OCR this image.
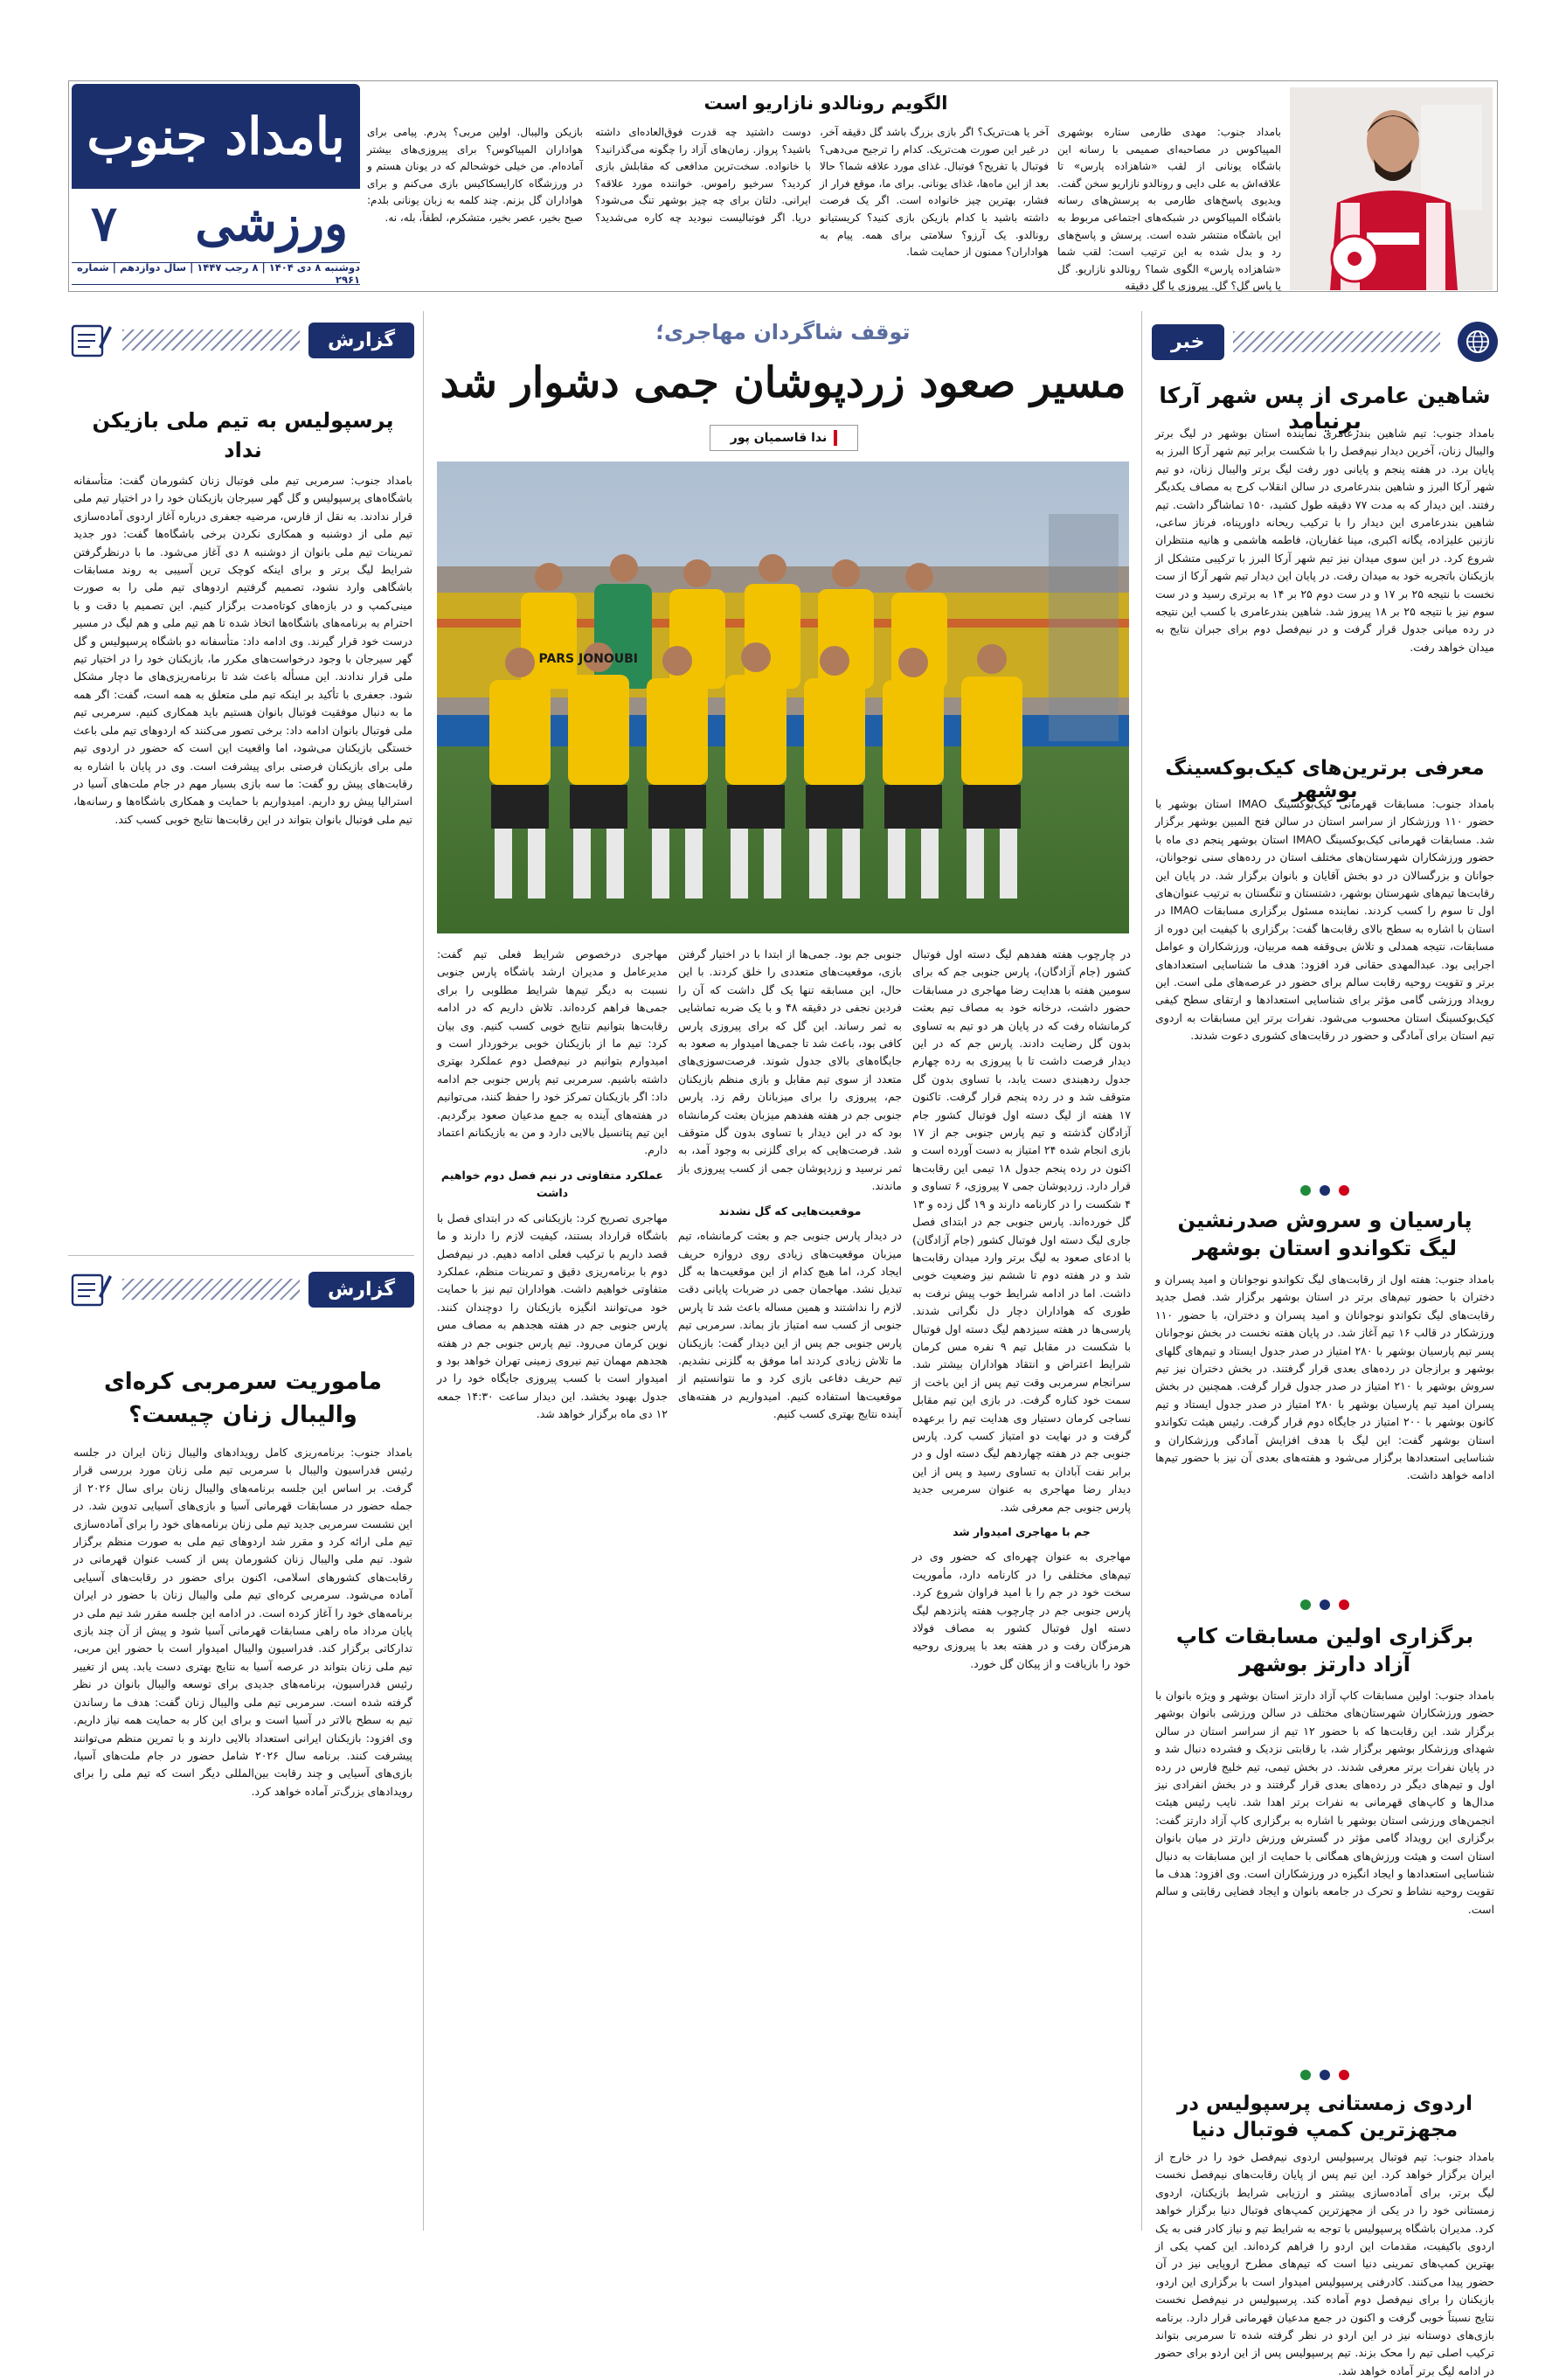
بامداد جنوب
ورزشی
۷
دوشنبه ۸ دی ۱۴۰۴ | ۸ رجب ۱۴۴۷ | سال دوازدهم | شماره ۲۹۶۱
الگویم رونالدو نازاریو است
بامداد جنوب: مهدی طارمی ستاره بوشهری المپیاکوس در مصاحبه‌ای صمیمی با رسانه این باشگاه یونانی از لقب «شاهزاده پارس» تا علاقه‌اش به علی دایی و رونالدو نازاریو سخن گفت. ویدیوی پاسخ‌های طارمی به پرسش‌های رسانه باشگاه المپیاکوس در شبکه‌های اجتماعی مربوط به این باشگاه منتشر شده است. پرسش و پاسخ‌های رد و بدل شده به این ترتیب است: لقب شما «شاهزاده پارس» الگوی شما؟ رونالدو نازاریو. گل یا پاس گل؟ گل. پیروزی یا گل دقیقه
آخر یا هت‌تریک؟ اگر بازی بزرگ باشد گل دقیقه آخر، در غیر این صورت هت‌تریک. کدام را ترجیح می‌دهی؟ فوتبال یا تفریح؟ فوتبال. غذای مورد علاقه شما؟ حالا بعد از این ماه‌ها، غذای یونانی. برای ما، موقع فرار از فشار، بهترین چیز خانواده است. اگر یک فرصت داشته باشید با کدام بازیکن بازی کنید؟ کریستیانو رونالدو. یک آرزو؟ سلامتی برای همه. پیام به هواداران؟ ممنون از حمایت شما.
دوست داشتید چه قدرت فوق‌العاده‌ای داشته باشید؟ پرواز. زمان‌های آزاد را چگونه می‌گذرانید؟ با خانواده. سخت‌ترین مدافعی که مقابلش بازی کردید؟ سرخیو راموس. خواننده مورد علاقه؟ ایرانی. دلتان برای چه چیز بوشهر تنگ می‌شود؟ دریا. اگر فوتبالیست نبودید چه کاره می‌شدید؟ بازیکن والیبال. اولین مربی؟ پدرم. پیامی برای هواداران المپیاکوس؟ برای پیروزی‌های بیشتر آماده‌ام. من خیلی خوشحالم که در یونان هستم و در ورزشگاه کارایسکاکیس بازی می‌کنم و برای هواداران گل بزنم. چند کلمه به زبان یونانی بلدم: صبح بخیر، عصر بخیر، متشکرم، لطفاً، بله، نه.
خبر
شاهین عامری از پس شهر آرکا برنیامد
بامداد جنوب: تیم شاهین بندرعامری نماینده استان بوشهر در لیگ برتر والیبال زنان، آخرین دیدار نیم‌فصل را با شکست برابر تیم شهر آرکا البرز به پایان برد. در هفته پنجم و پایانی دور رفت لیگ برتر والیبال زنان، دو تیم شهر آرکا البرز و شاهین بندرعامری در سالن انقلاب کرج به مصاف یکدیگر رفتند. این دیدار که به مدت ۷۷ دقیقه طول کشید، ۱۵۰ تماشاگر داشت. تیم شاهین بندرعامری این دیدار را با ترکیب ریحانه داورپناه، فرناز ساعی، نازنین علیزاده، یگانه اکبری، مینا غفاریان، فاطمه هاشمی و هانیه منتظران شروع کرد. در این سوی میدان نیز تیم شهر آرکا البرز با ترکیبی متشکل از بازیکنان باتجربه خود به میدان رفت. در پایان این دیدار تیم شهر آرکا از ست نخست با نتیجه ۲۵ بر ۱۷ و در ست دوم ۲۵ بر ۱۴ به برتری رسید و در ست سوم نیز با نتیجه ۲۵ بر ۱۸ پیروز شد. شاهین بندرعامری با کسب این نتیجه در رده میانی جدول قرار گرفت و در نیم‌فصل دوم برای جبران نتایج به میدان خواهد رفت.
معرفی برترین‌های کیک‌بوکسینگ بوشهر
بامداد جنوب: مسابقات قهرمانی کیک‌بوکسینگ IMAO استان بوشهر با حضور ۱۱۰ ورزشکار از سراسر استان در سالن فتح المبین بوشهر برگزار شد. مسابقات قهرمانی کیک‌بوکسینگ IMAO استان بوشهر پنجم دی ماه با حضور ورزشکاران شهرستان‌های مختلف استان در رده‌های سنی نوجوانان، جوانان و بزرگسالان در دو بخش آقایان و بانوان برگزار شد. در پایان این رقابت‌ها تیم‌های شهرستان بوشهر، دشتستان و تنگستان به ترتیب عنوان‌های اول تا سوم را کسب کردند. نماینده مسئول برگزاری مسابقات IMAO در استان با اشاره به سطح بالای رقابت‌ها گفت: برگزاری با کیفیت این دوره از مسابقات، نتیجه همدلی و تلاش بی‌وقفه همه مربیان، ورزشکاران و عوامل اجرایی بود. عبدالمهدی حقانی فرد افزود: هدف ما شناسایی استعدادهای برتر و تقویت روحیه رقابت سالم برای حضور در عرصه‌های ملی است. این رویداد ورزشی گامی مؤثر برای شناسایی استعدادها و ارتقای سطح کیفی کیک‌بوکسینگ استان محسوب می‌شود. نفرات برتر این مسابقات به اردوی تیم استان برای آمادگی و حضور در رقابت‌های کشوری دعوت شدند.
پارسیان و سروش صدرنشین لیگ تکواندو استان بوشهر
بامداد جنوب: هفته اول از رقابت‌های لیگ تکواندو نوجوانان و امید پسران و دختران با حضور تیم‌های برتر در استان بوشهر برگزار شد. فصل جدید رقابت‌های لیگ تکواندو نوجوانان و امید پسران و دختران، با حضور ۱۱۰ ورزشکار در قالب ۱۶ تیم آغاز شد. در پایان هفته نخست در بخش نوجوانان پسر تیم پارسیان بوشهر با ۲۸۰ امتیاز در صدر جدول ایستاد و تیم‌های گلهای بوشهر و برازجان در رده‌های بعدی قرار گرفتند. در بخش دختران نیز تیم سروش بوشهر با ۲۱۰ امتیاز در صدر جدول قرار گرفت. همچنین در بخش پسران امید تیم پارسیان بوشهر با ۲۸۰ امتیاز در صدر جدول ایستاد و تیم کانون بوشهر با ۲۰۰ امتیاز در جایگاه دوم قرار گرفت. رئیس هیئت تکواندو استان بوشهر گفت: این لیگ با هدف افزایش آمادگی ورزشکاران و شناسایی استعدادها برگزار می‌شود و هفته‌های بعدی آن نیز با حضور تیم‌ها ادامه خواهد داشت.
برگزاری اولین مسابقات کاپ آزاد دارتز بوشهر
بامداد جنوب: اولین مسابقات کاپ آزاد دارتز استان بوشهر و ویژه بانوان با حضور ورزشکاران شهرستان‌های مختلف در سالن ورزشی بانوان بوشهر برگزار شد. این رقابت‌ها که با حضور ۱۲ تیم از سراسر استان در سالن شهدای ورزشکار بوشهر برگزار شد، با رقابتی نزدیک و فشرده دنبال شد و در پایان نفرات برتر معرفی شدند. در بخش تیمی، تیم خلیج فارس در رده اول و تیم‌های دیگر در رده‌های بعدی قرار گرفتند و در بخش انفرادی نیز مدال‌ها و کاپ‌های قهرمانی به نفرات برتر اهدا شد. نایب رئیس هیئت انجمن‌های ورزشی استان بوشهر با اشاره به برگزاری کاپ آزاد دارتز گفت: برگزاری این رویداد گامی مؤثر در گسترش ورزش دارتز در میان بانوان استان است و هیئت ورزش‌های همگانی با حمایت از این مسابقات به دنبال شناسایی استعدادها و ایجاد انگیزه در ورزشکاران است. وی افزود: هدف ما تقویت روحیه نشاط و تحرک در جامعه بانوان و ایجاد فضایی رقابتی و سالم است.
اردوی زمستانی پرسپولیس در مجهزترین کمپ فوتبال دنیا
بامداد جنوب: تیم فوتبال پرسپولیس اردوی نیم‌فصل خود را در خارج از ایران برگزار خواهد کرد. این تیم پس از پایان رقابت‌های نیم‌فصل نخست لیگ برتر، برای آماده‌سازی بیشتر و ارزیابی شرایط بازیکنان، اردوی زمستانی خود را در یکی از مجهزترین کمپ‌های فوتبال دنیا برگزار خواهد کرد. مدیران باشگاه پرسپولیس با توجه به شرایط تیم و نیاز کادر فنی به یک اردوی باکیفیت، مقدمات این اردو را فراهم کرده‌اند. این کمپ یکی از بهترین کمپ‌های تمرینی دنیا است که تیم‌های مطرح اروپایی نیز در آن حضور پیدا می‌کنند. کادرفنی پرسپولیس امیدوار است با برگزاری این اردو، بازیکنان را برای نیم‌فصل دوم آماده کند. پرسپولیس در نیم‌فصل نخست نتایج نسبتاً خوبی گرفت و اکنون در جمع مدعیان قهرمانی قرار دارد. برنامه بازی‌های دوستانه نیز در این اردو در نظر گرفته شده تا سرمربی بتواند ترکیب اصلی تیم را محک بزند. تیم پرسپولیس پس از این اردو برای حضور در ادامه لیگ برتر آماده خواهد شد.
توقف شاگردان مهاجری؛
مسیر صعود زردپوشان جمی دشوار شد
ندا قاسمیان پور
PARS JONOUBI

در چارچوب هفته هفدهم لیگ دسته اول فوتبال کشور (جام آزادگان)، پارس جنوبی جم که برای سومین هفته با هدایت رضا مهاجری در مسابقات حضور داشت، درخانه خود به مصاف تیم بعثت کرمانشاه رفت که در پایان هر دو تیم به تساوی بدون گل رضایت دادند. پارس جم که در این دیدار فرصت داشت تا با پیروزی به رده چهارم جدول ردهبندی دست یابد، با تساوی بدون گل متوقف شد و در رده پنجم قرار گرفت. تاکنون ۱۷ هفته از لیگ دسته اول فوتبال کشور جام آزادگان گذشته و تیم پارس جنوبی جم از ۱۷ بازی انجام شده ۲۴ امتیاز به دست آورده است و اکنون در رده پنجم جدول ۱۸ تیمی این رقابت‌ها قرار دارد. زردپوشان جمی ۷ پیروزی، ۶ تساوی و ۴ شکست را در کارنامه دارند و ۱۹ گل زده و ۱۳ گل خورده‌اند. پارس جنوبی جم در ابتدای فصل جاری لیگ دسته اول فوتبال کشور (جام آزادگان) با ادعای صعود به لیگ برتر وارد میدان رقابت‌ها شد و در هفته دوم تا ششم نیز وضعیت خوبی داشت. اما در ادامه شرایط خوب پیش نرفت به طوری که هواداران دچار دل نگرانی شدند. پارسی‌ها در هفته سیزدهم لیگ دسته اول فوتبال با شکست در مقابل تیم ۹ نفره مس کرمان شرایط اعتراض و انتقاد هواداران بیشتر شد. سرانجام سرمربی وقت تیم پس از این باخت از سمت خود کناره گرفت. در بازی این تیم مقابل نساجی کرمان دستیار وی هدایت تیم را برعهده گرفت و در نهایت دو امتیاز کسب کرد. پارس جنوبی جم در هفته چهاردهم لیگ دسته اول و در برابر نفت آبادان به تساوی رسید و پس از این دیدار رضا مهاجری به عنوان سرمربی جدید پارس جنوبی جم معرفی شد.

جم با مهاجری امیدوار شد

مهاجری به عنوان چهره‌ای که حضور وی در تیم‌های مختلفی را در کارنامه دارد، مأموریت سخت خود در جم را با امید فراوان شروع کرد. پارس جنوبی جم در چارچوب هفته پانزدهم لیگ دسته اول فوتبال کشور به مصاف فولاد هرمزگان رفت و در هفته بعد با پیروزی روحیه خود را بازیافت و از پیکان گل خورد.

جنوبی جم بود. جمی‌ها از ابتدا با در اختیار گرفتن بازی، موقعیت‌های متعددی را خلق کردند. با این حال، این مسابقه تنها یک گل داشت که آن را فردین نجفی در دقیقه ۴۸ و با یک ضربه تماشایی به ثمر رساند. این گل که برای پیروزی پارس کافی بود، باعث شد تا جمی‌ها امیدوار به صعود به جایگاه‌های بالای جدول شوند. فرصت‌سوزی‌های متعدد از سوی تیم مقابل و بازی منظم بازیکنان جم، پیروزی را برای میزبانان رقم زد. پارس جنوبی جم در هفته هفدهم میزبان بعثت کرمانشاه بود که در این دیدار با تساوی بدون گل متوقف شد. فرصت‌هایی که برای گلزنی به وجود آمد، به ثمر نرسید و زردپوشان جمی از کسب پیروزی باز ماندند.

موقعیت‌هایی که گل نشدند

در دیدار پارس جنوبی جم و بعثت کرمانشاه، تیم میزبان موقعیت‌های زیادی روی دروازه حریف ایجاد کرد، اما هیچ کدام از این موقعیت‌ها به گل تبدیل نشد. مهاجمان جمی در ضربات پایانی دقت لازم را نداشتند و همین مساله باعث شد تا پارس جنوبی از کسب سه امتیاز باز بماند. سرمربی تیم پارس جنوبی جم پس از این دیدار گفت: بازیکنان ما تلاش زیادی کردند اما موفق به گلزنی نشدیم. تیم حریف دفاعی بازی کرد و ما نتوانستیم از موقعیت‌ها استفاده کنیم. امیدواریم در هفته‌های آینده نتایج بهتری کسب کنیم.

مهاجری درخصوص شرایط فعلی تیم گفت: مدیرعامل و مدیران ارشد باشگاه پارس جنوبی نسبت به دیگر تیم‌ها شرایط مطلوبی را برای جمی‌ها فراهم کرده‌اند. تلاش داریم که در ادامه رقابت‌ها بتوانیم نتایج خوبی کسب کنیم. وی بیان کرد: تیم ما از بازیکنان خوبی برخوردار است و امیدوارم بتوانیم در نیم‌فصل دوم عملکرد بهتری داشته باشیم. سرمربی تیم پارس جنوبی جم ادامه داد: اگر بازیکنان تمرکز خود را حفظ کنند، می‌توانیم در هفته‌های آینده به جمع مدعیان صعود برگردیم. این تیم پتانسیل بالایی دارد و من به بازیکنانم اعتماد دارم.

عملکرد متفاوتی در نیم فصل دوم خواهیم داشت

مهاجری تصریح کرد: بازیکنانی که در ابتدای فصل با باشگاه قرارداد بستند، کیفیت لازم را دارند و ما قصد داریم با ترکیب فعلی ادامه دهیم. در نیم‌فصل دوم با برنامه‌ریزی دقیق و تمرینات منظم، عملکرد متفاوتی خواهیم داشت. هواداران تیم نیز با حمایت خود می‌توانند انگیزه بازیکنان را دوچندان کنند. پارس جنوبی جم در هفته هجدهم به مصاف مس نوین کرمان می‌رود. تیم پارس جنوبی جم در هفته هجدهم مهمان تیم نیروی زمینی تهران خواهد بود و امیدوار است با کسب پیروزی جایگاه خود را در جدول بهبود بخشد. این دیدار ساعت ۱۴:۳۰ جمعه ۱۲ دی ماه برگزار خواهد شد.

گزارش
پرسپولیس به تیم ملی بازیکن نداد
بامداد جنوب: سرمربی تیم ملی فوتبال زنان کشورمان گفت: متأسفانه باشگاه‌های پرسپولیس و گل گهر سیرجان بازیکنان خود را در اختیار تیم ملی قرار ندادند. به نقل از فارس، مرضیه جعفری درباره آغاز اردوی آماده‌سازی تیم ملی از دوشنبه و همکاری نکردن برخی باشگاه‌ها گفت: دور جدید تمرینات تیم ملی بانوان از دوشنبه ۸ دی آغاز می‌شود. ما با درنظرگرفتن شرایط لیگ برتر و برای اینکه کوچک ترین آسیبی به روند مسابقات باشگاهی وارد نشود، تصمیم گرفتیم اردوهای تیم ملی را به صورت مینی‌کمپ و در بازه‌های کوتاه‌مدت برگزار کنیم. این تصمیم با دقت و با احترام به برنامه‌های باشگاه‌ها اتخاذ شده تا هم تیم ملی و هم لیگ در مسیر درست خود قرار گیرند. وی ادامه داد: متأسفانه دو باشگاه پرسپولیس و گل گهر سیرجان با وجود درخواست‌های مکرر ما، بازیکنان خود را در اختیار تیم ملی قرار ندادند. این مسأله باعث شد تا برنامه‌ریزی‌های ما دچار مشکل شود. جعفری با تأکید بر اینکه تیم ملی متعلق به همه است، گفت: اگر همه ما به دنبال موفقیت فوتبال بانوان هستیم باید همکاری کنیم. سرمربی تیم ملی فوتبال بانوان ادامه داد: برخی تصور می‌کنند که اردوهای تیم ملی باعث خستگی بازیکنان می‌شود، اما واقعیت این است که حضور در اردوی تیم ملی برای بازیکنان فرصتی برای پیشرفت است. وی در پایان با اشاره به رقابت‌های پیش رو گفت: ما سه بازی بسیار مهم در جام ملت‌های آسیا در استرالیا پیش رو داریم. امیدواریم با حمایت و همکاری باشگاه‌ها و رسانه‌ها، تیم ملی فوتبال بانوان بتواند در این رقابت‌ها نتایج خوبی کسب کند.
گزارش
ماموریت سرمربی کره‌ای والیبال زنان چیست؟
بامداد جنوب: برنامه‌ریزی کامل رویدادهای والیبال زنان ایران در جلسه رئیس فدراسیون والیبال با سرمربی تیم ملی زنان مورد بررسی قرار گرفت. بر اساس این جلسه برنامه‌های والیبال زنان برای سال ۲۰۲۶ از جمله حضور در مسابقات قهرمانی آسیا و بازی‌های آسیایی تدوین شد. در این نشست سرمربی جدید تیم ملی زنان برنامه‌های خود را برای آماده‌سازی تیم ملی ارائه کرد و مقرر شد اردوهای تیم ملی به صورت منظم برگزار شود. تیم ملی والیبال زنان کشورمان پس از کسب عنوان قهرمانی در رقابت‌های کشورهای اسلامی، اکنون برای حضور در رقابت‌های آسیایی آماده می‌شود. سرمربی کره‌ای تیم ملی والیبال زنان با حضور در ایران برنامه‌های خود را آغاز کرده است. در ادامه این جلسه مقرر شد تیم ملی در پایان مرداد ماه راهی مسابقات قهرمانی آسیا شود و پیش از آن چند بازی تدارکاتی برگزار کند. فدراسیون والیبال امیدوار است با حضور این مربی، تیم ملی زنان بتواند در عرصه آسیا به نتایج بهتری دست یابد. پس از تغییر رئیس فدراسیون، برنامه‌های جدیدی برای توسعه والیبال بانوان در نظر گرفته شده است. سرمربی تیم ملی والیبال زنان گفت: هدف ما رساندن تیم به سطح بالاتر در آسیا است و برای این کار به حمایت همه نیاز داریم. وی افزود: بازیکنان ایرانی استعداد بالایی دارند و با تمرین منظم می‌توانند پیشرفت کنند. برنامه سال ۲۰۲۶ شامل حضور در جام ملت‌های آسیا، بازی‌های آسیایی و چند رقابت بین‌المللی دیگر است که تیم ملی را برای رویدادهای بزرگ‌تر آماده خواهد کرد.
